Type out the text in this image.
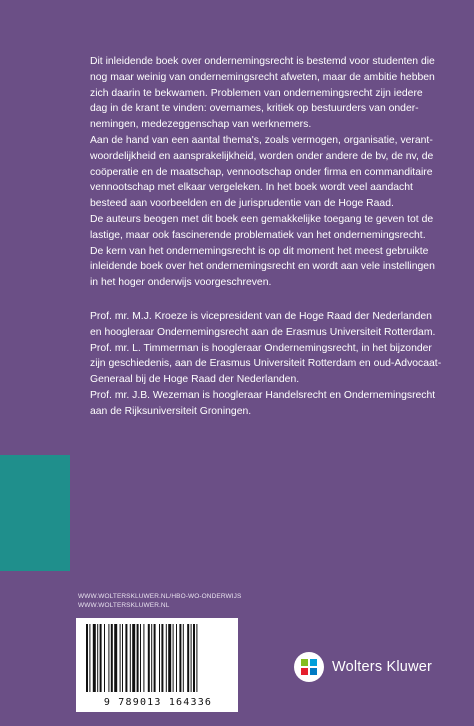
Dit inleidende boek over ondernemingsrecht is bestemd voor studenten die

nog maar weinig van ondernemingsrecht afweten, maar de ambitie hebben

zich daarin te bekwamen. Problemen van ondernemingsrecht zijn iedere

dag in de krant te vinden: overnames, kritiek op bestuurders van onder-

nemingen, medezeggenschap van werknemers.

Aan de hand van een aantal thema's, zoals vermogen, organisatie, verant-

woordelijkheid en aansprakelijkheid, worden onder andere de bv, de nv, de

coöperatie en de maatschap, vennootschap onder firma en commanditaire

vennootschap met elkaar vergeleken. In het boek wordt veel aandacht

besteed aan voorbeelden en de jurisprudentie van de Hoge Raad.

De auteurs beogen met dit boek een gemakkelijke toegang te geven tot de

lastige, maar ook fascinerende problematiek van het ondernemingsrecht.

De kern van het ondernemingsrecht is op dit moment het meest gebruikte

inleidende boek over het ondernemingsrecht en wordt aan vele instellingen

in het hoger onderwijs voorgeschreven.

Prof. mr. M.J. Kroeze is vicepresident van de Hoge Raad der Nederlanden

en hoogleraar Ondernemingsrecht aan de Erasmus Universiteit Rotterdam.

Prof. mr. L. Timmerman is hoogleraar Ondernemingsrecht, in het bijzonder

zijn geschiedenis, aan de Erasmus Universiteit Rotterdam en oud-Advocaat-

Generaal bij de Hoge Raad der Nederlanden.

Prof. mr. J.B. Wezeman is hoogleraar Handelsrecht en Ondernemingsrecht

aan de Rijksuniversiteit Groningen.

WWW.WOLTERSKLUWER.NL/HBO-WO-ONDERWIJS
WWW.WOLTERSKLUWER.NL
9 789013 164336
Wolters Kluwer
